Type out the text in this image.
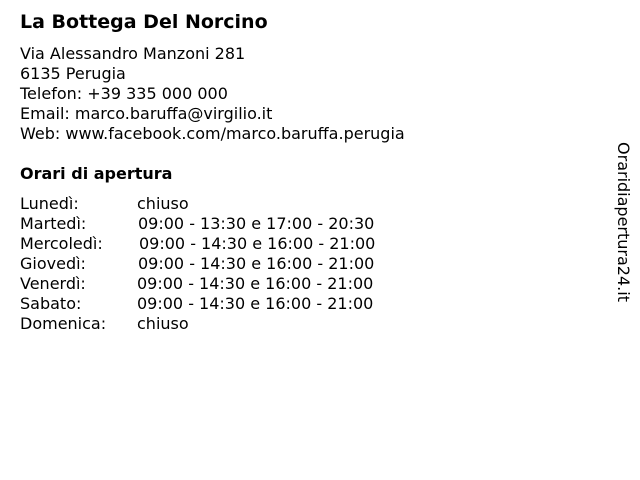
La Bottega Del Norcino
Via Alessandro Manzoni 281
6135 Perugia
Telefon: +39 335 000 000
Email: marco.baruffa@virgilio.it
Web: www.facebook.com/marco.baruffa.perugia
Orari di apertura
Lunedì:	chiuso
Martedì:	09:00 - 13:30 e 17:00 - 20:30
Mercoledì: 09:00 - 14:30 e 16:00 - 21:00
Giovedì:	09:00 - 14:30 e 16:00 - 21:00
Venerdì:	09:00 - 14:30 e 16:00 - 21:00
Sabato:	09:00 - 14:30 e 16:00 - 21:00
Domenica: chiuso
Oraridiapertura24.it
